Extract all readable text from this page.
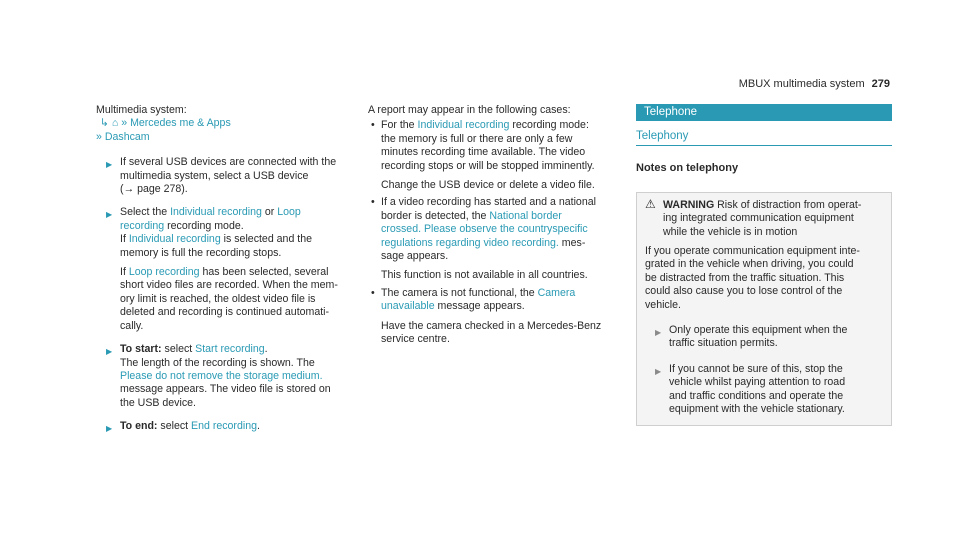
MBUX multimedia system 279

Multimedia system:

↳ ⌂ » Mercedes me & Apps

» Dashcam

▶ If several USB devices are connected with the

multimedia system, select a USB device

(→ page 278).

▶ Select the Individual recording or Loop

recording recording mode.

If Individual recording is selected and the

memory is full the recording stops.

If Loop recording has been selected, several

short video files are recorded. When the mem-

ory limit is reached, the oldest video file is

deleted and recording is continued automati-

cally.

▶ To start: select Start recording.

The length of the recording is shown. The

Please do not remove the storage medium.

message appears. The video file is stored on

the USB device.

▶ To end: select End recording.

A report may appear in the following cases:

• For the Individual recording recording mode:

the memory is full or there are only a few

minutes recording time available. The video

recording stops or will be stopped imminently.

Change the USB device or delete a video file.

• If a video recording has started and a national

border is detected, the National border

crossed. Please observe the countryspecific

regulations regarding video recording. mes-

sage appears.

This function is not available in all countries.

• The camera is not functional, the Camera

unavailable message appears.

Have the camera checked in a Mercedes-Benz

service centre.

Telephone
Telephony
Notes on telephony
⚠ WARNING Risk of distraction from operat-

ing integrated communication equipment

while the vehicle is in motion

If you operate communication equipment inte-

grated in the vehicle when driving, you could

be distracted from the traffic situation. This

could also cause you to lose control of the

vehicle.

▶ Only operate this equipment when the

traffic situation permits.

▶ If you cannot be sure of this, stop the

vehicle whilst paying attention to road

and traffic conditions and operate the

equipment with the vehicle stationary.
